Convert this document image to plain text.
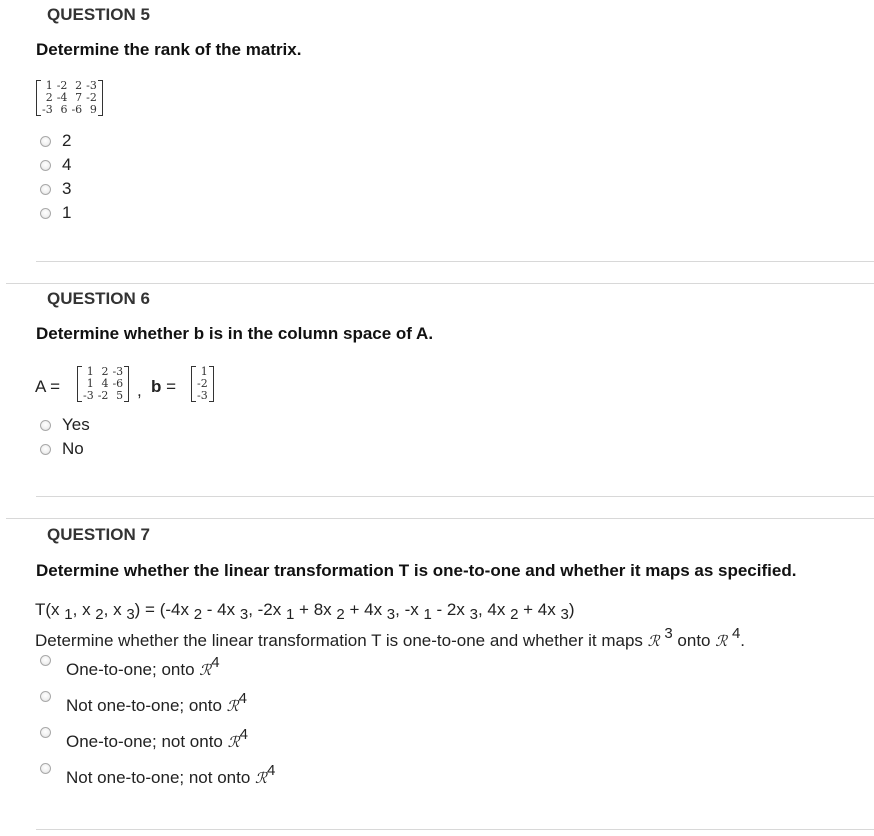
QUESTION 5
Determine the rank of the matrix.
1	-2	2	-3
2	-4	7	-2
-3	6	-6	9
2
4
3
1
QUESTION 6
Determine whether b is in the column space of A.
A =
1	2	-3
1	4	-6
-3	-2	5 , b =
1
-2
-3
Yes
No
QUESTION 7
Determine whether the linear transformation T is one-to-one and whether it maps as specified.
T(x 1, x 2, x 3) = (-4x 2 - 4x 3, -2x 1 + 8x 2 + 4x 3, -x 1 - 2x 3, 4x 2 + 4x 3)
Determine whether the linear transformation T is one-to-one and whether it maps ℛ 3 onto ℛ 4.
One-to-one; onto ℛ4
Not one-to-one; onto ℛ4
One-to-one; not onto ℛ4
Not one-to-one; not onto ℛ4
